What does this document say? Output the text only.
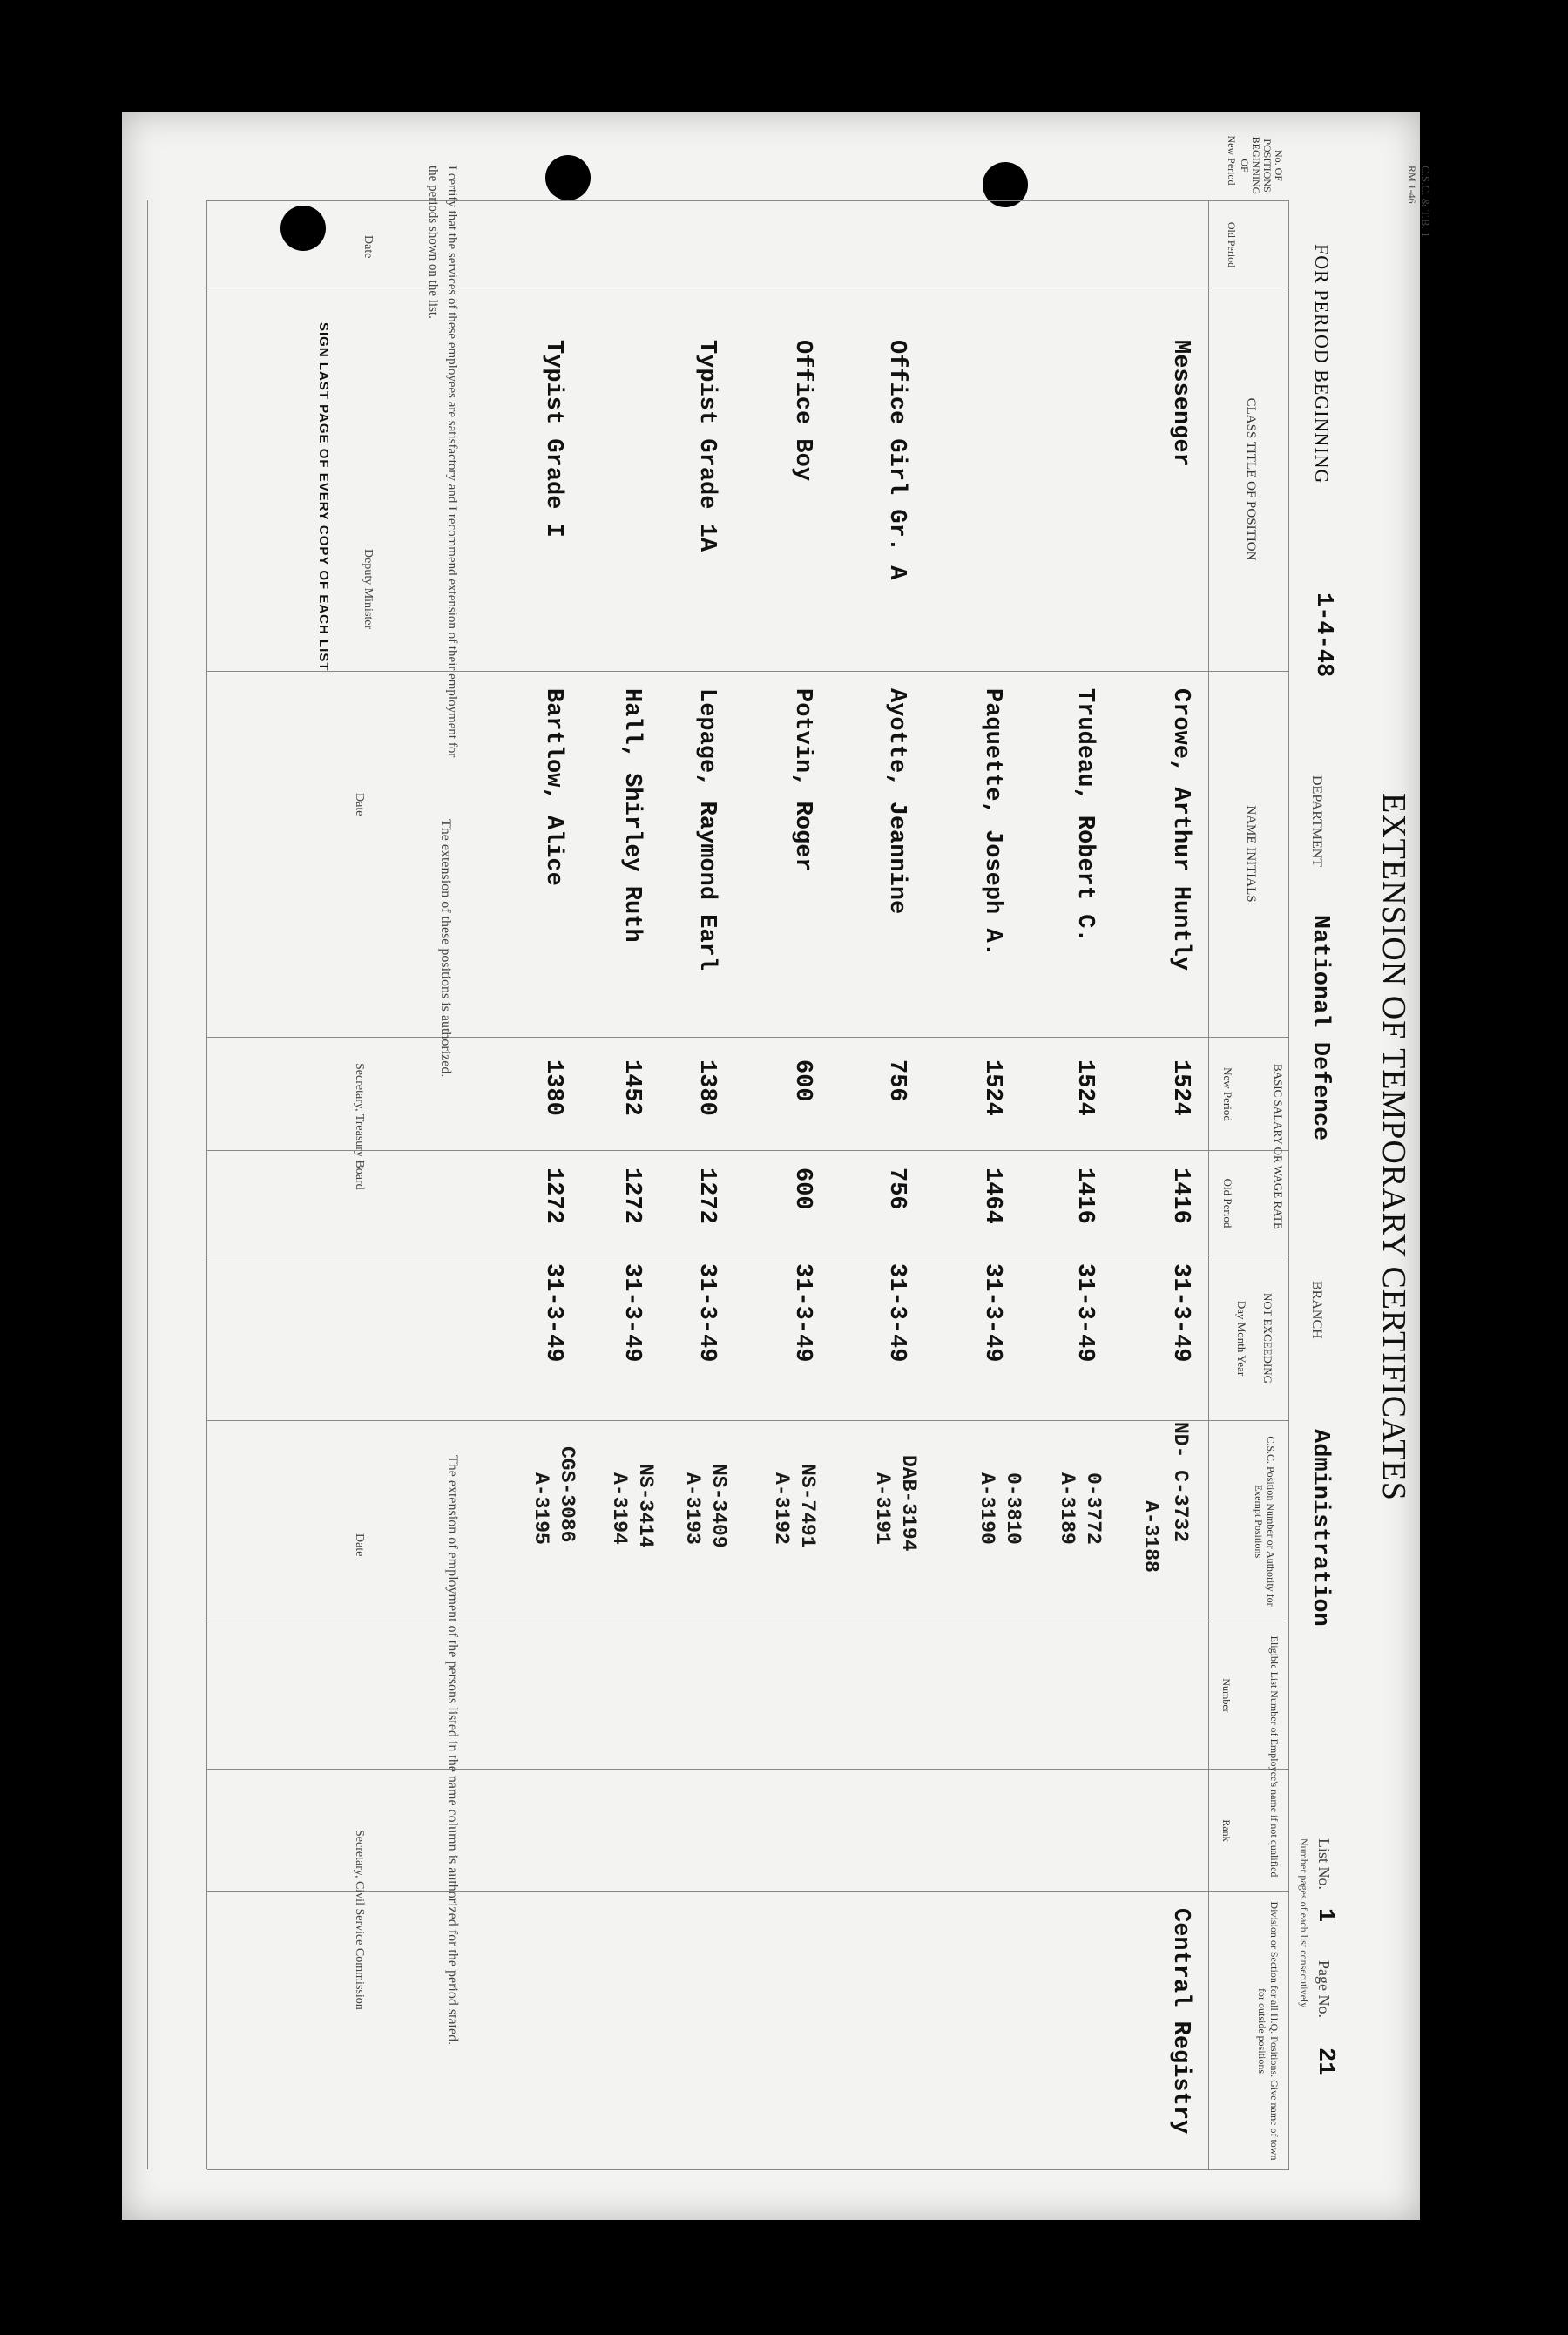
C.S.C. & T.B. 1
RM 1-46
EXTENSION OF TEMPORARY CERTIFICATES
FOR PERIOD BEGINNING
1-4-48
DEPARTMENT
National Defence
BRANCH
Administration
List No.
1
Page No.
21
Number pages of each list consecutively
No. OF POSITIONS BEGINNING OF
New Period
Old Period
CLASS TITLE OF POSITION
NAME INITIALS
BASIC SALARY OR WAGE RATE
New Period
Old Period
NOT EXCEEDING
Day Month Year
C.S.C. Position Number or Authority for Exempt Positions
Eligible List Number of Employee's name if not qualified
Number
Rank
Division or Section for all H.Q. Positions. Give name of town for outside positions
Messenger
Crowe, Arthur Huntly
1524
1416
31-3-49
ND- C-3732
A-3188
Trudeau, Robert C.
1524
1416
31-3-49
0-3772
A-3189
Paquette, Joseph A.
1524
1464
31-3-49
0-3810
A-3190
Office Girl Gr. A
Ayotte, Jeannine
756
756
31-3-49
DAB-3194
A-3191
Office Boy
Potvin, Roger
600
600
31-3-49
NS-7491
A-3192
Typist Grade 1A
Lepage, Raymond Earl
1380
1272
31-3-49
NS-3409
A-3193
Hall, Shirley Ruth
1452
1272
31-3-49
NS-3414
A-3194
Typist Grade I
Bartlow, Alice
1380
1272
31-3-49
CGS-3086
A-3195
Central Registry
I certify that the services of these employees are satisfactory and I recommend extension of their employment for the periods shown on the list.
Date
Deputy Minister
SIGN LAST PAGE OF EVERY COPY OF EACH LIST
The extension of these positions is authorized.
Date
Secretary, Treasury Board
The extension of employment of the persons listed in the name column is authorized for the period stated.
Date
Secretary, Civil Service Commission
